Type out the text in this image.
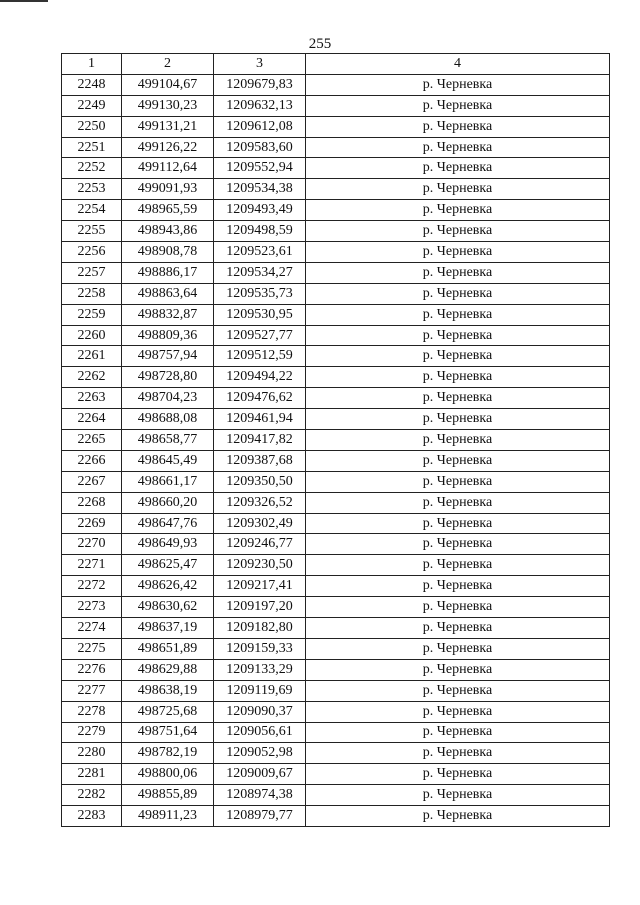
255
1	2	3	4
2248	499104,67	1209679,83	р. Черневка
2249	499130,23	1209632,13	р. Черневка
2250	499131,21	1209612,08	р. Черневка
2251	499126,22	1209583,60	р. Черневка
2252	499112,64	1209552,94	р. Черневка
2253	499091,93	1209534,38	р. Черневка
2254	498965,59	1209493,49	р. Черневка
2255	498943,86	1209498,59	р. Черневка
2256	498908,78	1209523,61	р. Черневка
2257	498886,17	1209534,27	р. Черневка
2258	498863,64	1209535,73	р. Черневка
2259	498832,87	1209530,95	р. Черневка
2260	498809,36	1209527,77	р. Черневка
2261	498757,94	1209512,59	р. Черневка
2262	498728,80	1209494,22	р. Черневка
2263	498704,23	1209476,62	р. Черневка
2264	498688,08	1209461,94	р. Черневка
2265	498658,77	1209417,82	р. Черневка
2266	498645,49	1209387,68	р. Черневка
2267	498661,17	1209350,50	р. Черневка
2268	498660,20	1209326,52	р. Черневка
2269	498647,76	1209302,49	р. Черневка
2270	498649,93	1209246,77	р. Черневка
2271	498625,47	1209230,50	р. Черневка
2272	498626,42	1209217,41	р. Черневка
2273	498630,62	1209197,20	р. Черневка
2274	498637,19	1209182,80	р. Черневка
2275	498651,89	1209159,33	р. Черневка
2276	498629,88	1209133,29	р. Черневка
2277	498638,19	1209119,69	р. Черневка
2278	498725,68	1209090,37	р. Черневка
2279	498751,64	1209056,61	р. Черневка
2280	498782,19	1209052,98	р. Черневка
2281	498800,06	1209009,67	р. Черневка
2282	498855,89	1208974,38	р. Черневка
2283	498911,23	1208979,77	р. Черневка
